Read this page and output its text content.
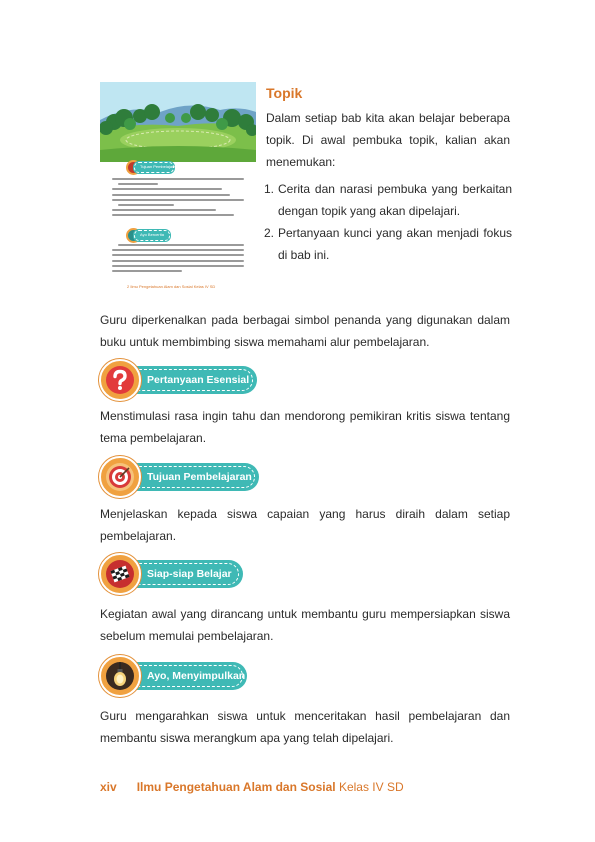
Tujuan Pembelajaran
Ayo Bercerita
2 Ilmu Pengetahuan Alam dan Sosial Kelas IV SD
Topik
Dalam setiap bab kita akan belajar beberapa topik. Di awal pembuka topik, kalian akan menemukan:
1. Cerita dan narasi pembuka yang berkaitan dengan topik yang akan dipelajari.
2. Pertanyaan kunci yang akan menjadi fokus di bab ini.
Guru diperkenalkan pada berbagai simbol penanda yang digunakan dalam buku untuk membimbing siswa memahami alur pembelajaran.
Pertanyaan Esensial
Menstimulasi rasa ingin tahu dan mendorong pemikiran kritis siswa tentang tema pembelajaran.
Tujuan Pembelajaran
Menjelaskan kepada siswa capaian yang harus diraih dalam setiap pembelajaran.
Siap-siap Belajar
Kegiatan awal yang dirancang untuk membantu guru mempersiapkan siswa sebelum memulai pembelajaran.
Ayo, Menyimpulkan
Guru mengarahkan siswa untuk menceritakan hasil pembelajaran dan membantu siswa merangkum apa yang telah dipelajari.
xiv Ilmu Pengetahuan Alam dan Sosial Kelas IV SD
